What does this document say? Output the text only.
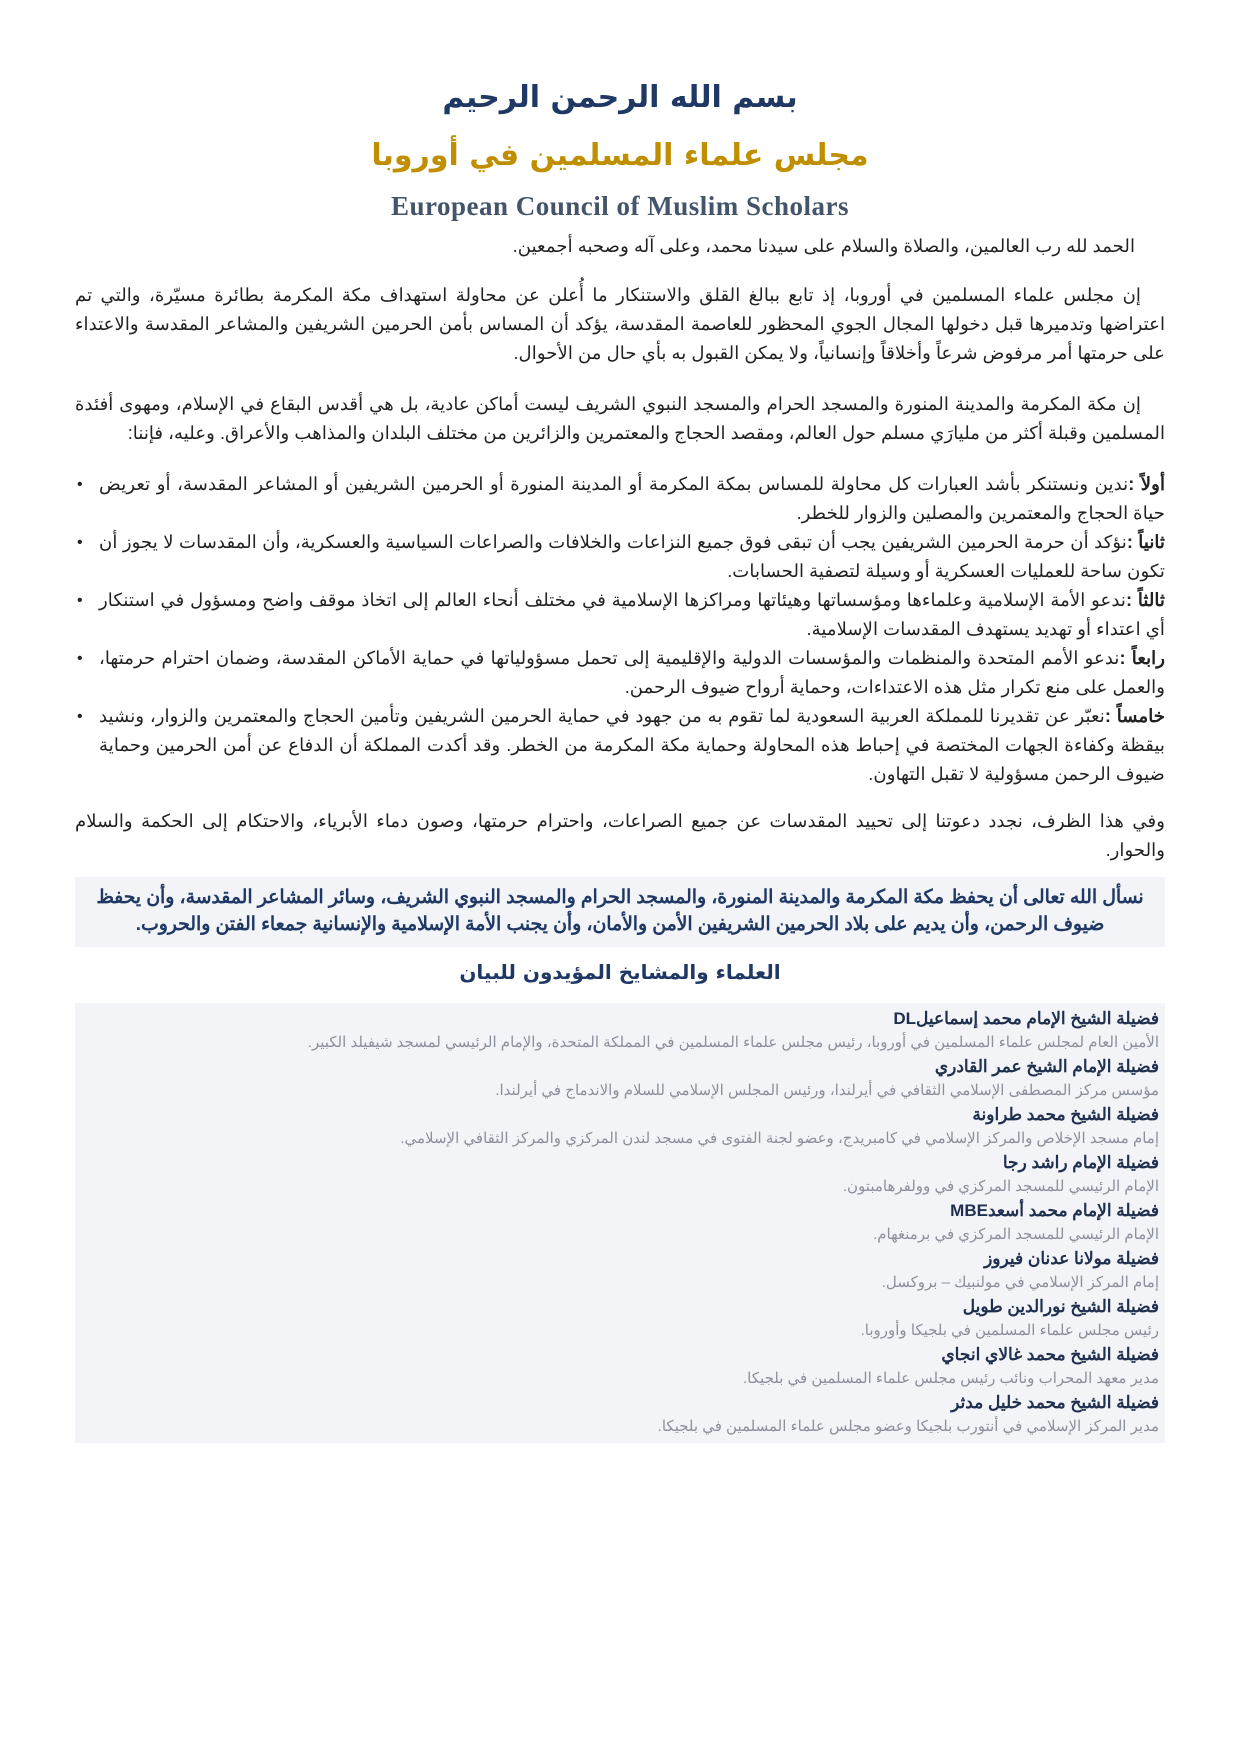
بسم الله الرحمن الرحيم
مجلس علماء المسلمين في أوروبا
European Council of Muslim Scholars

الحمد لله رب العالمين، والصلاة والسلام على سيدنا محمد، وعلى آله وصحبه أجمعين.

إن مجلس علماء المسلمين في أوروبا، إذ تابع ببالغ القلق والاستنكار ما أُعلن عن محاولة استهداف مكة المكرمة بطائرة مسيّرة، والتي تم اعتراضها وتدميرها قبل دخولها المجال الجوي المحظور للعاصمة المقدسة، يؤكد أن المساس بأمن الحرمين الشريفين والمشاعر المقدسة والاعتداء على حرمتها أمر مرفوض شرعاً وأخلاقاً وإنسانياً، ولا يمكن القبول به بأي حال من الأحوال.

إن مكة المكرمة والمدينة المنورة والمسجد الحرام والمسجد النبوي الشريف ليست أماكن عادية، بل هي أقدس البقاع في الإسلام، ومهوى أفئدة المسلمين وقبلة أكثر من مليارَي مسلم حول العالم، ومقصد الحجاج والمعتمرين والزائرين من مختلف البلدان والمذاهب والأعراق. وعليه، فإننا:

•	أولاً :ندين ونستنكر بأشد العبارات كل محاولة للمساس بمكة المكرمة أو المدينة المنورة أو الحرمين الشريفين أو المشاعر المقدسة، أو تعريض حياة الحجاج والمعتمرين والمصلين والزوار للخطر.
•	ثانياً :نؤكد أن حرمة الحرمين الشريفين يجب أن تبقى فوق جميع النزاعات والخلافات والصراعات السياسية والعسكرية، وأن المقدسات لا يجوز أن تكون ساحة للعمليات العسكرية أو وسيلة لتصفية الحسابات.
•	ثالثاً :ندعو الأمة الإسلامية وعلماءها ومؤسساتها وهيئاتها ومراكزها الإسلامية في مختلف أنحاء العالم إلى اتخاذ موقف واضح ومسؤول في استنكار أي اعتداء أو تهديد يستهدف المقدسات الإسلامية.
•	رابعاً :ندعو الأمم المتحدة والمنظمات والمؤسسات الدولية والإقليمية إلى تحمل مسؤولياتها في حماية الأماكن المقدسة، وضمان احترام حرمتها، والعمل على منع تكرار مثل هذه الاعتداءات، وحماية أرواح ضيوف الرحمن.
•	خامساً :نعبّر عن تقديرنا للمملكة العربية السعودية لما تقوم به من جهود في حماية الحرمين الشريفين وتأمين الحجاج والمعتمرين والزوار، ونشيد بيقظة وكفاءة الجهات المختصة في إحباط هذه المحاولة وحماية مكة المكرمة من الخطر. وقد أكدت المملكة أن الدفاع عن أمن الحرمين وحماية ضيوف الرحمن مسؤولية لا تقبل التهاون.

وفي هذا الظرف، نجدد دعوتنا إلى تحييد المقدسات عن جميع الصراعات، واحترام حرمتها، وصون دماء الأبرياء، والاحتكام إلى الحكمة والسلام والحوار.

نسأل الله تعالى أن يحفظ مكة المكرمة والمدينة المنورة، والمسجد الحرام والمسجد النبوي الشريف، وسائر المشاعر المقدسة، وأن يحفظ ضيوف الرحمن، وأن يديم على بلاد الحرمين الشريفين الأمن والأمان، وأن يجنب الأمة الإسلامية والإنسانية جمعاء الفتن والحروب.
العلماء والمشايخ المؤيدون للبيان

فضيلة الشيخ الإمام محمد إسماعيلDL

الأمين العام لمجلس علماء المسلمين في أوروبا، رئيس مجلس علماء المسلمين في المملكة المتحدة، والإمام الرئيسي لمسجد شيفيلد الكبير.

فضيلة الإمام الشيخ عمر القادري

مؤسس مركز المصطفى الإسلامي الثقافي في أيرلندا، ورئيس المجلس الإسلامي للسلام والاندماج في أيرلندا.

فضيلة الشيخ محمد طراونة

إمام مسجد الإخلاص والمركز الإسلامي في كامبريدج، وعضو لجنة الفتوى في مسجد لندن المركزي والمركز الثقافي الإسلامي.

فضيلة الإمام راشد رجا

الإمام الرئيسي للمسجد المركزي في وولفرهامبتون.

فضيلة الإمام محمد أسعدMBE

الإمام الرئيسي للمسجد المركزي في برمنغهام.

فضيلة مولانا عدنان فيروز

إمام المركز الإسلامي في مولنبيك – بروكسل.

فضيلة الشيخ نورالدين طويل

رئيس مجلس علماء المسلمين في بلجيكا وأوروبا.

فضيلة الشيخ محمد غالاي انجاي

مدير معهد المحراب ونائب رئيس مجلس علماء المسلمين في بلجيكا.

فضيلة الشيخ محمد خليل مدثر

مدير المركز الإسلامي في أنتورب بلجيكا وعضو مجلس علماء المسلمين في بلجيكا.
